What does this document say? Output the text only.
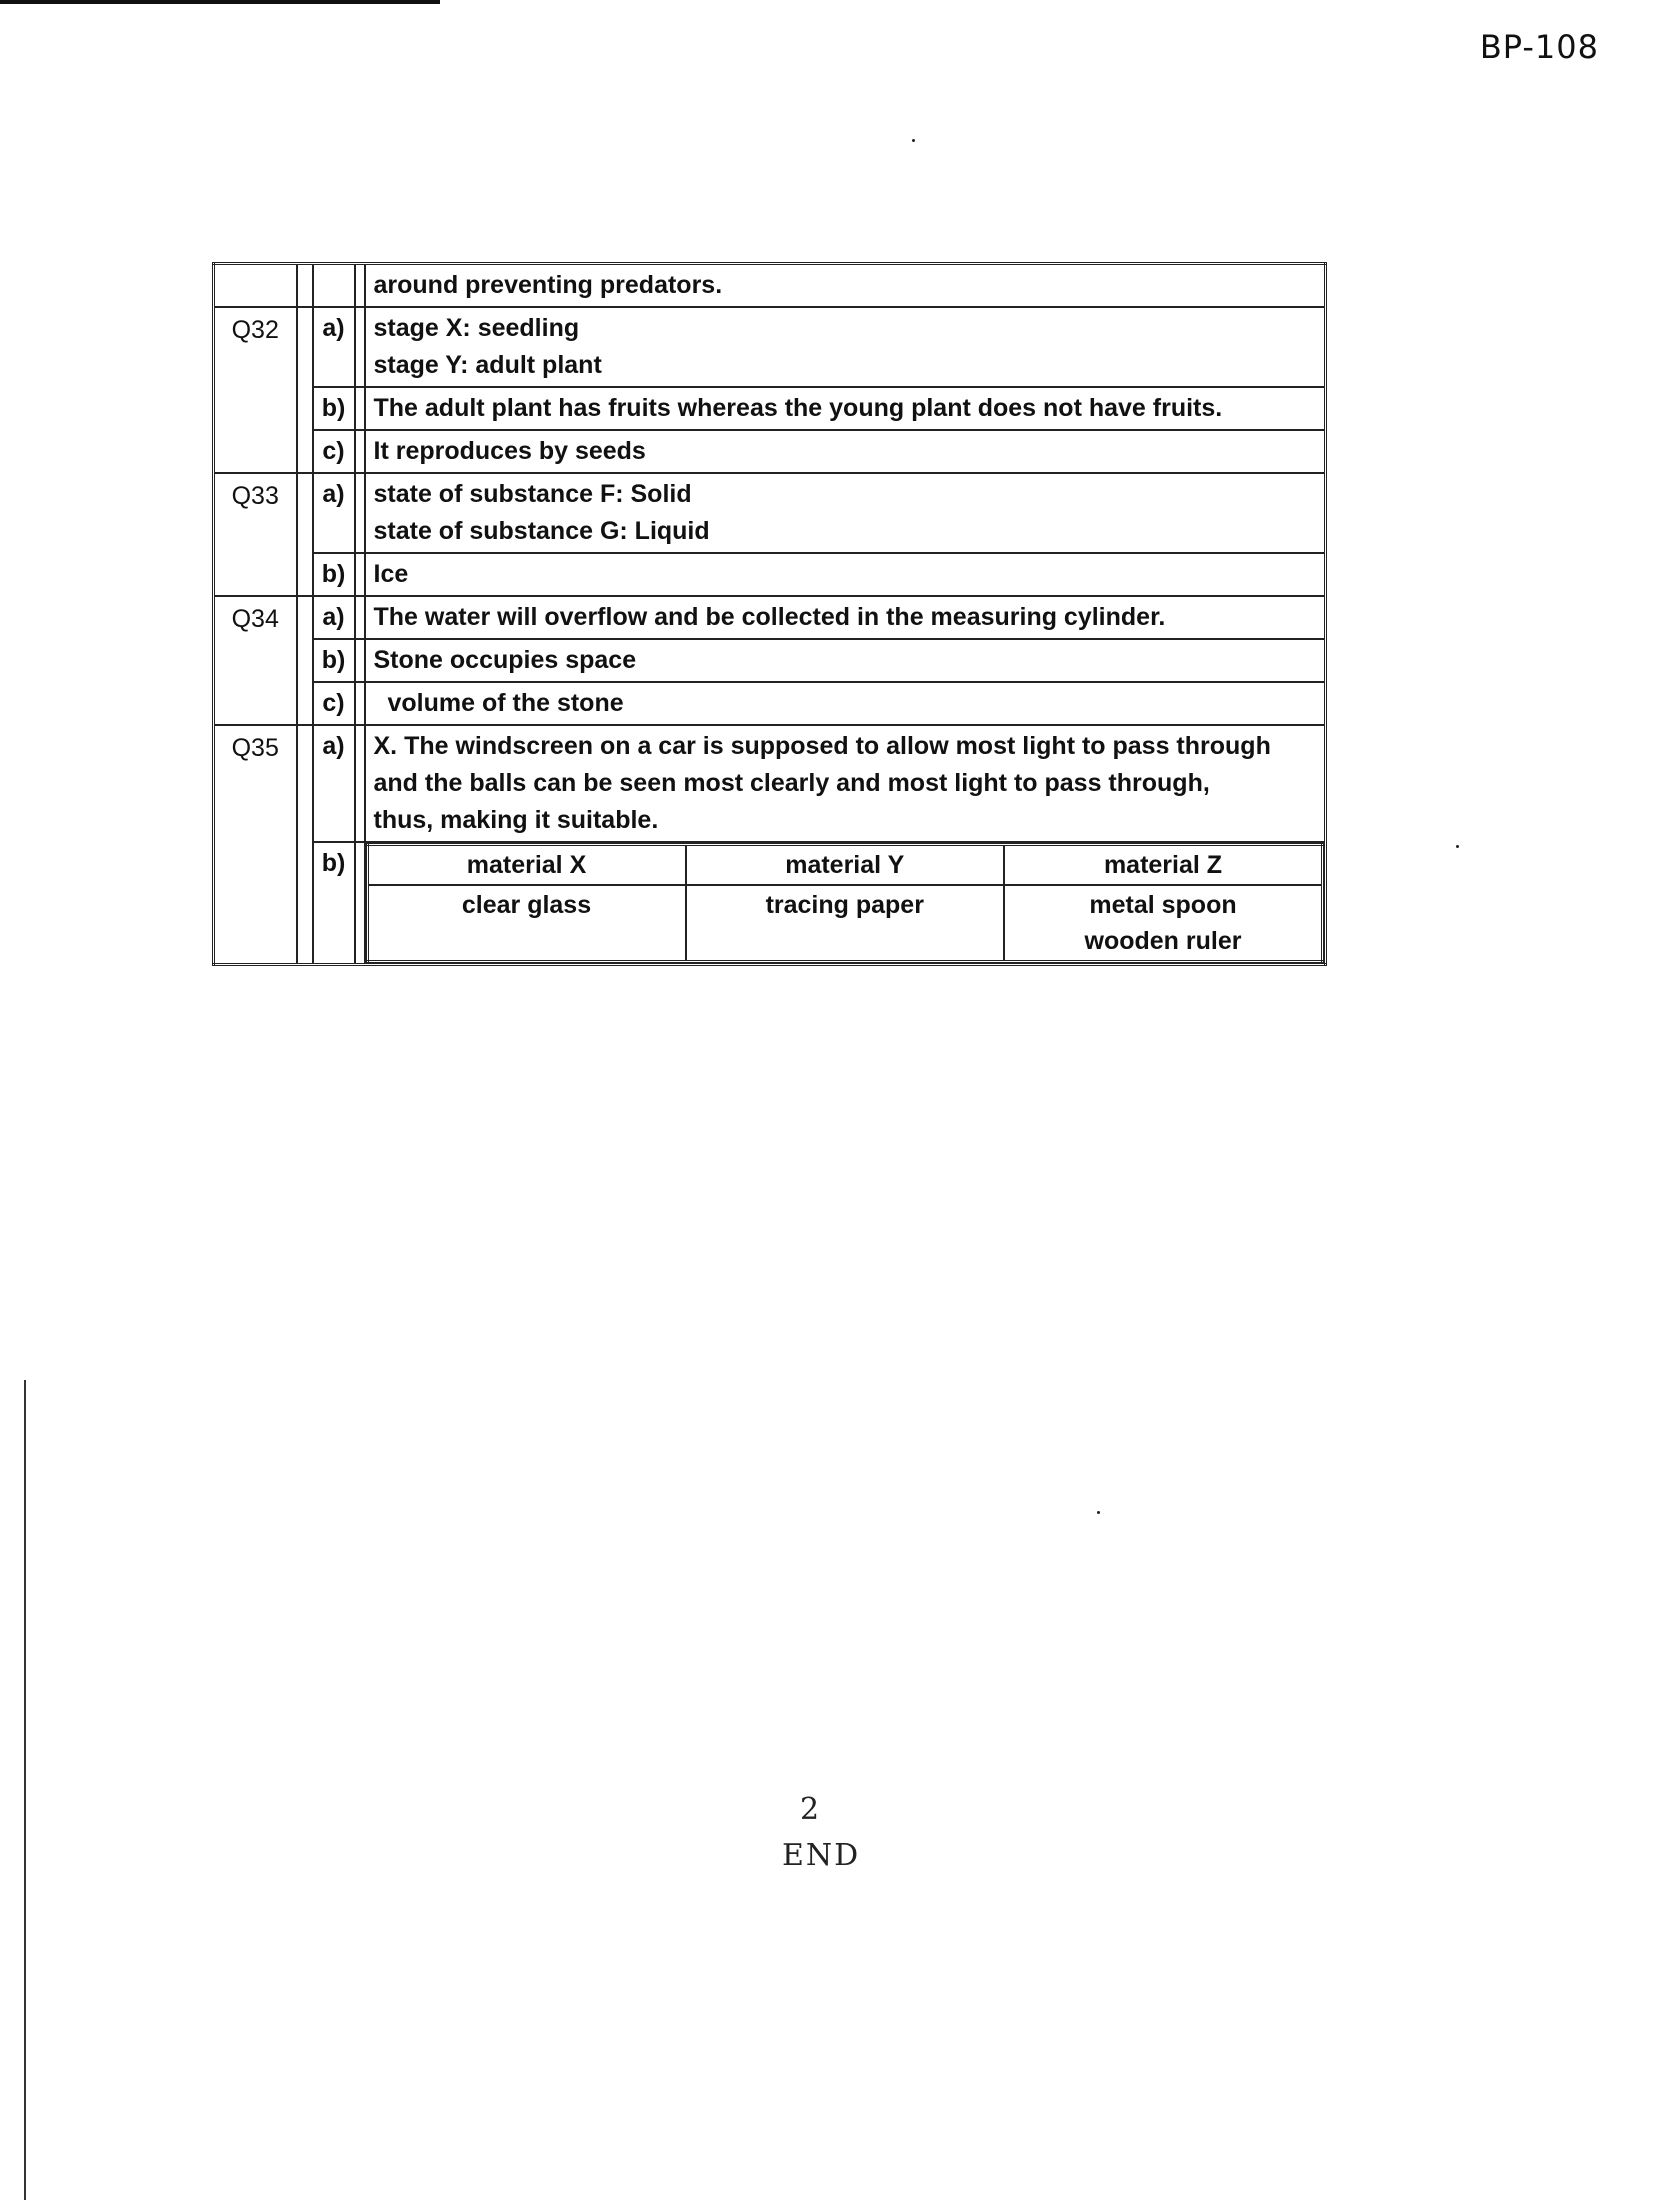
BP-108

around preventing predators.

Q32		a)		stage X: seedling
stage Y: adult plant

b)		The adult plant has fruits whereas the young plant does not have fruits.

c)		It reproduces by seeds

Q33		a)		state of substance F: Solid
state of substance G: Liquid

b)		Ice

Q34		a)		The water will overflow and be collected in the measuring cylinder.

b)		Stone occupies space

c)		volume of the stone

Q35		a)		X. The windscreen on a car is supposed to allow most light to pass through
and the balls can be seen most clearly and most light to pass through,
thus, making it suitable.

b)			material X	material Y	material Z

clear glass	tracing paper	metal spoon
wooden ruler
2
END
